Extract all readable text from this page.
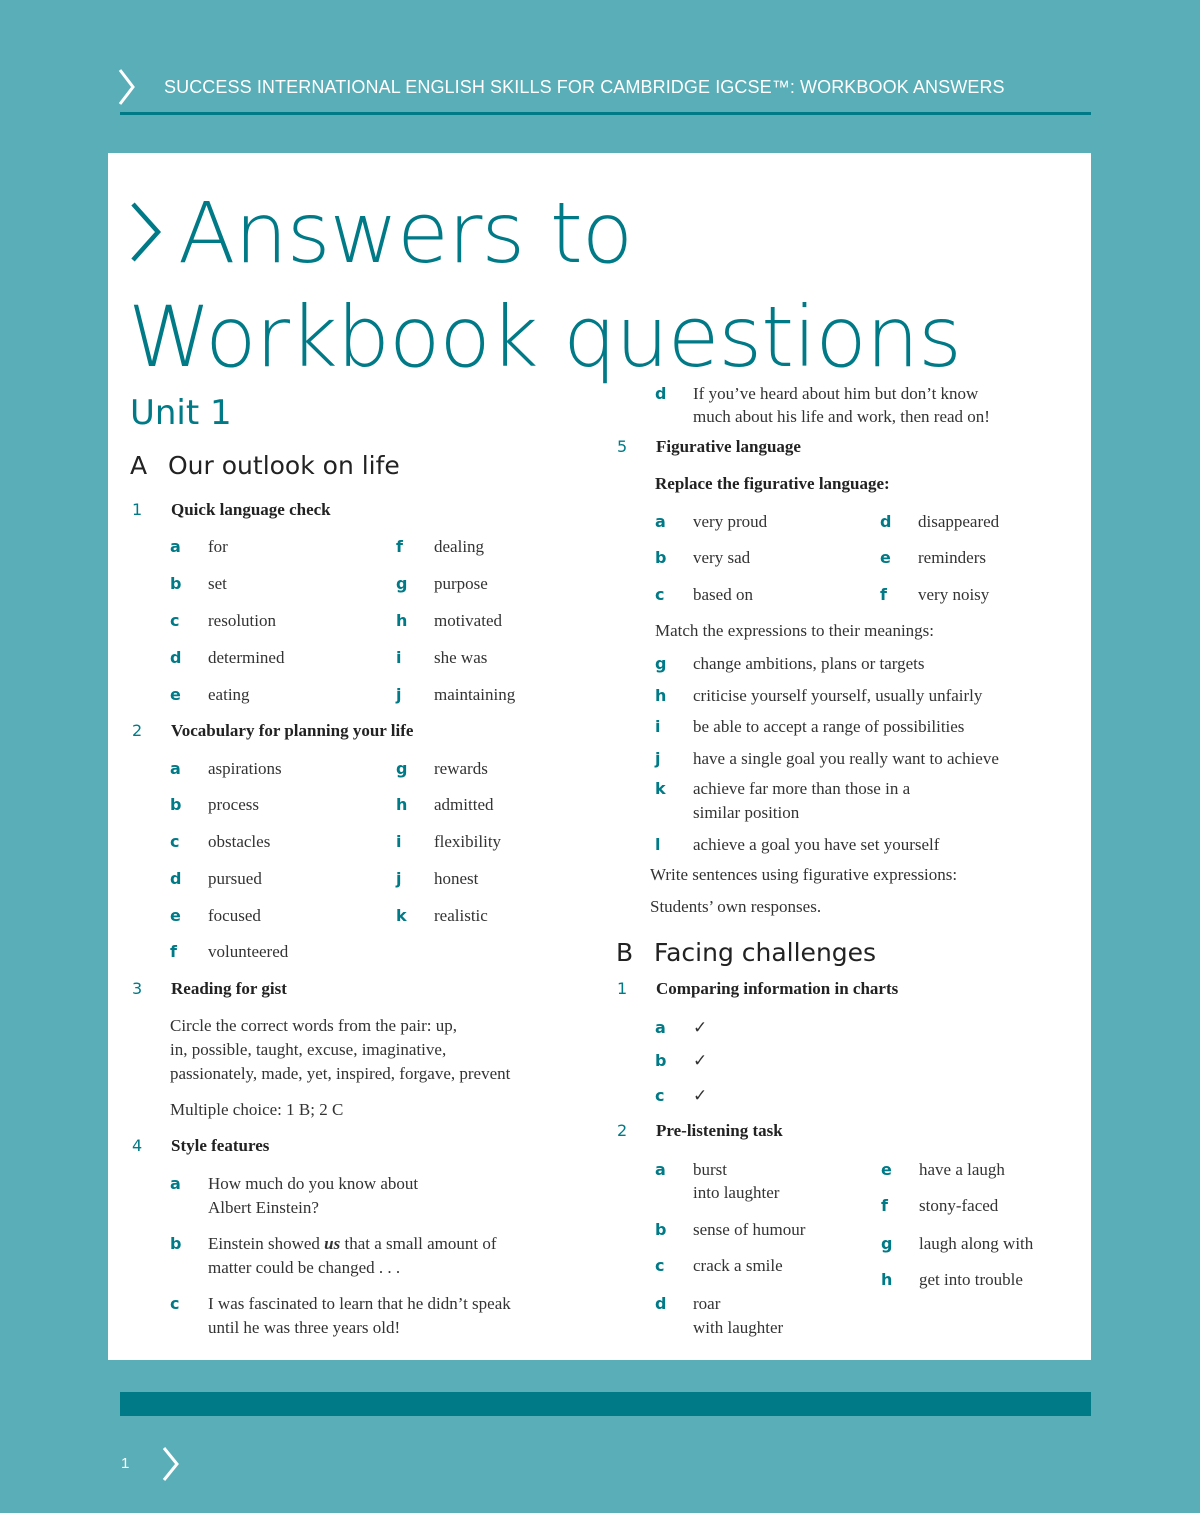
SUCCESS INTERNATIONAL ENGLISH SKILLS FOR CAMBRIDGE IGCSE™: WORKBOOK ANSWERS
Answers to
Workbook questions
Unit 1
A Our outlook on life
1 Quick language check
a for
b set
c resolution
d determined
e eating
f dealing
g purpose
h motivated
i she was
j maintaining
2 Vocabulary for planning your life
a aspirations
b process
c obstacles
d pursued
e focused
f volunteered
g rewards
h admitted
i flexibility
j honest
k realistic
3 Reading for gist
Circle the correct words from the pair: up,
in, possible, taught, excuse, imaginative,
passionately, made, yet, inspired, forgave, prevent
Multiple choice: 1 B; 2 C
4 Style features
a How much do you know about
Albert Einstein?
b Einstein showed us that a small amount of
matter could be changed . . .
c I was fascinated to learn that he didn’t speak
until he was three years old!
d If you’ve heard about him but don’t know
much about his life and work, then read on!
5 Figurative language
Replace the figurative language:
a very proud
b very sad
c based on
d disappeared
e reminders
f very noisy
Match the expressions to their meanings:
g change ambitions, plans or targets
h criticise yourself yourself, usually unfairly
i be able to accept a range of possibilities
j have a single goal you really want to achieve
k achieve far more than those in a
similar position
l achieve a goal you have set yourself
Write sentences using figurative expressions:
Students’ own responses.
B Facing challenges
1 Comparing information in charts
a ✓
b ✓
c ✓
2 Pre-listening task
a burst
into laughter
b sense of humour
c crack a smile
d roar
with laughter
e have a laugh
f stony-faced
g laugh along with
h get into trouble
1
